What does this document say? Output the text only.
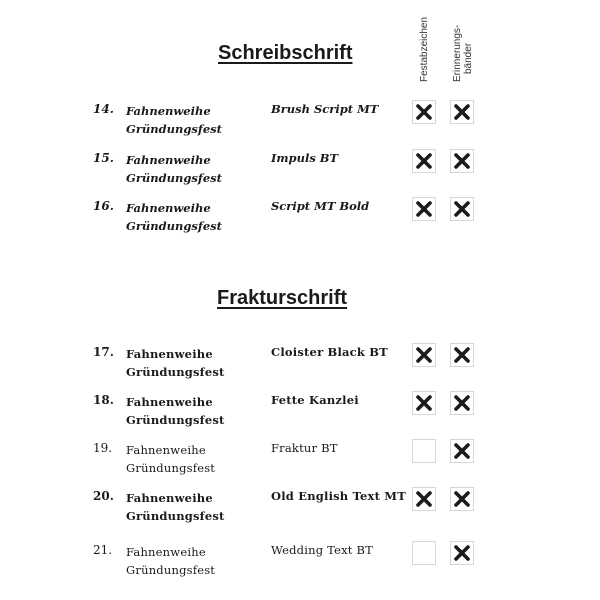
Schreibschrift
Frakturschrift
Festabzeichen Erinnerungs- bänder
14. Fahnenweihe
Gründungsfest
Brush Script MT
15. Fahnenweihe
Gründungsfest
Impuls BT
16. Fahnenweihe
Gründungsfest
Script MT Bold
17. Fahnenweihe
Gründungsfest
Cloister Black BT
18. Fahnenweihe
Gründungsfest
Fette Kanzlei
19. Fahnenweihe
Gründungsfest
Fraktur BT
20. Fahnenweihe
Gründungsfest
Old English Text MT
21. Fahnenweihe
Gründungsfest
Wedding Text BT
